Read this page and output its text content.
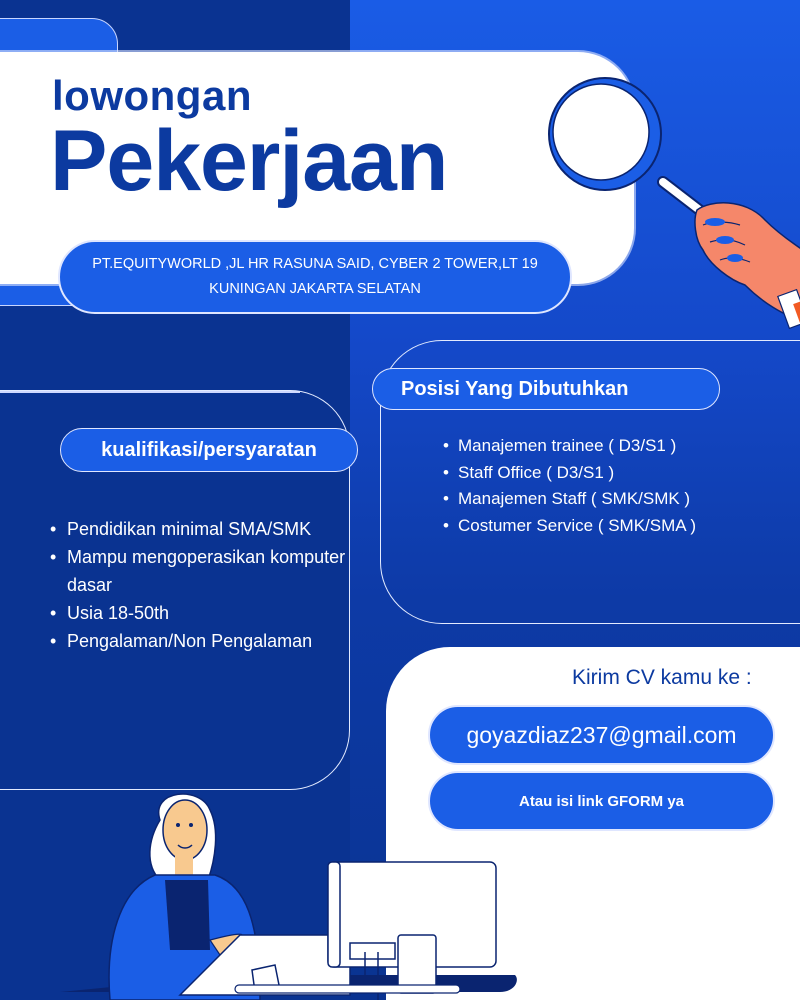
lowongan
Pekerjaan
PT.EQUITYWORLD ,JL HR RASUNA SAID, CYBER 2 TOWER,LT 19
KUNINGAN JAKARTA SELATAN
kualifikasi/persyaratan
• Pendidikan minimal SMA/SMK
• Mampu mengoperasikan komputer dasar
• Usia 18-50th
• Pengalaman/Non Pengalaman
Posisi Yang Dibutuhkan
• Manajemen trainee ( D3/S1 )
• Staff Office ( D3/S1 )
• Manajemen Staff ( SMK/SMK )
• Costumer Service ( SMK/SMA )
Kirim CV kamu ke :
goyazdiaz237@gmail.com
Atau isi link GFORM ya
